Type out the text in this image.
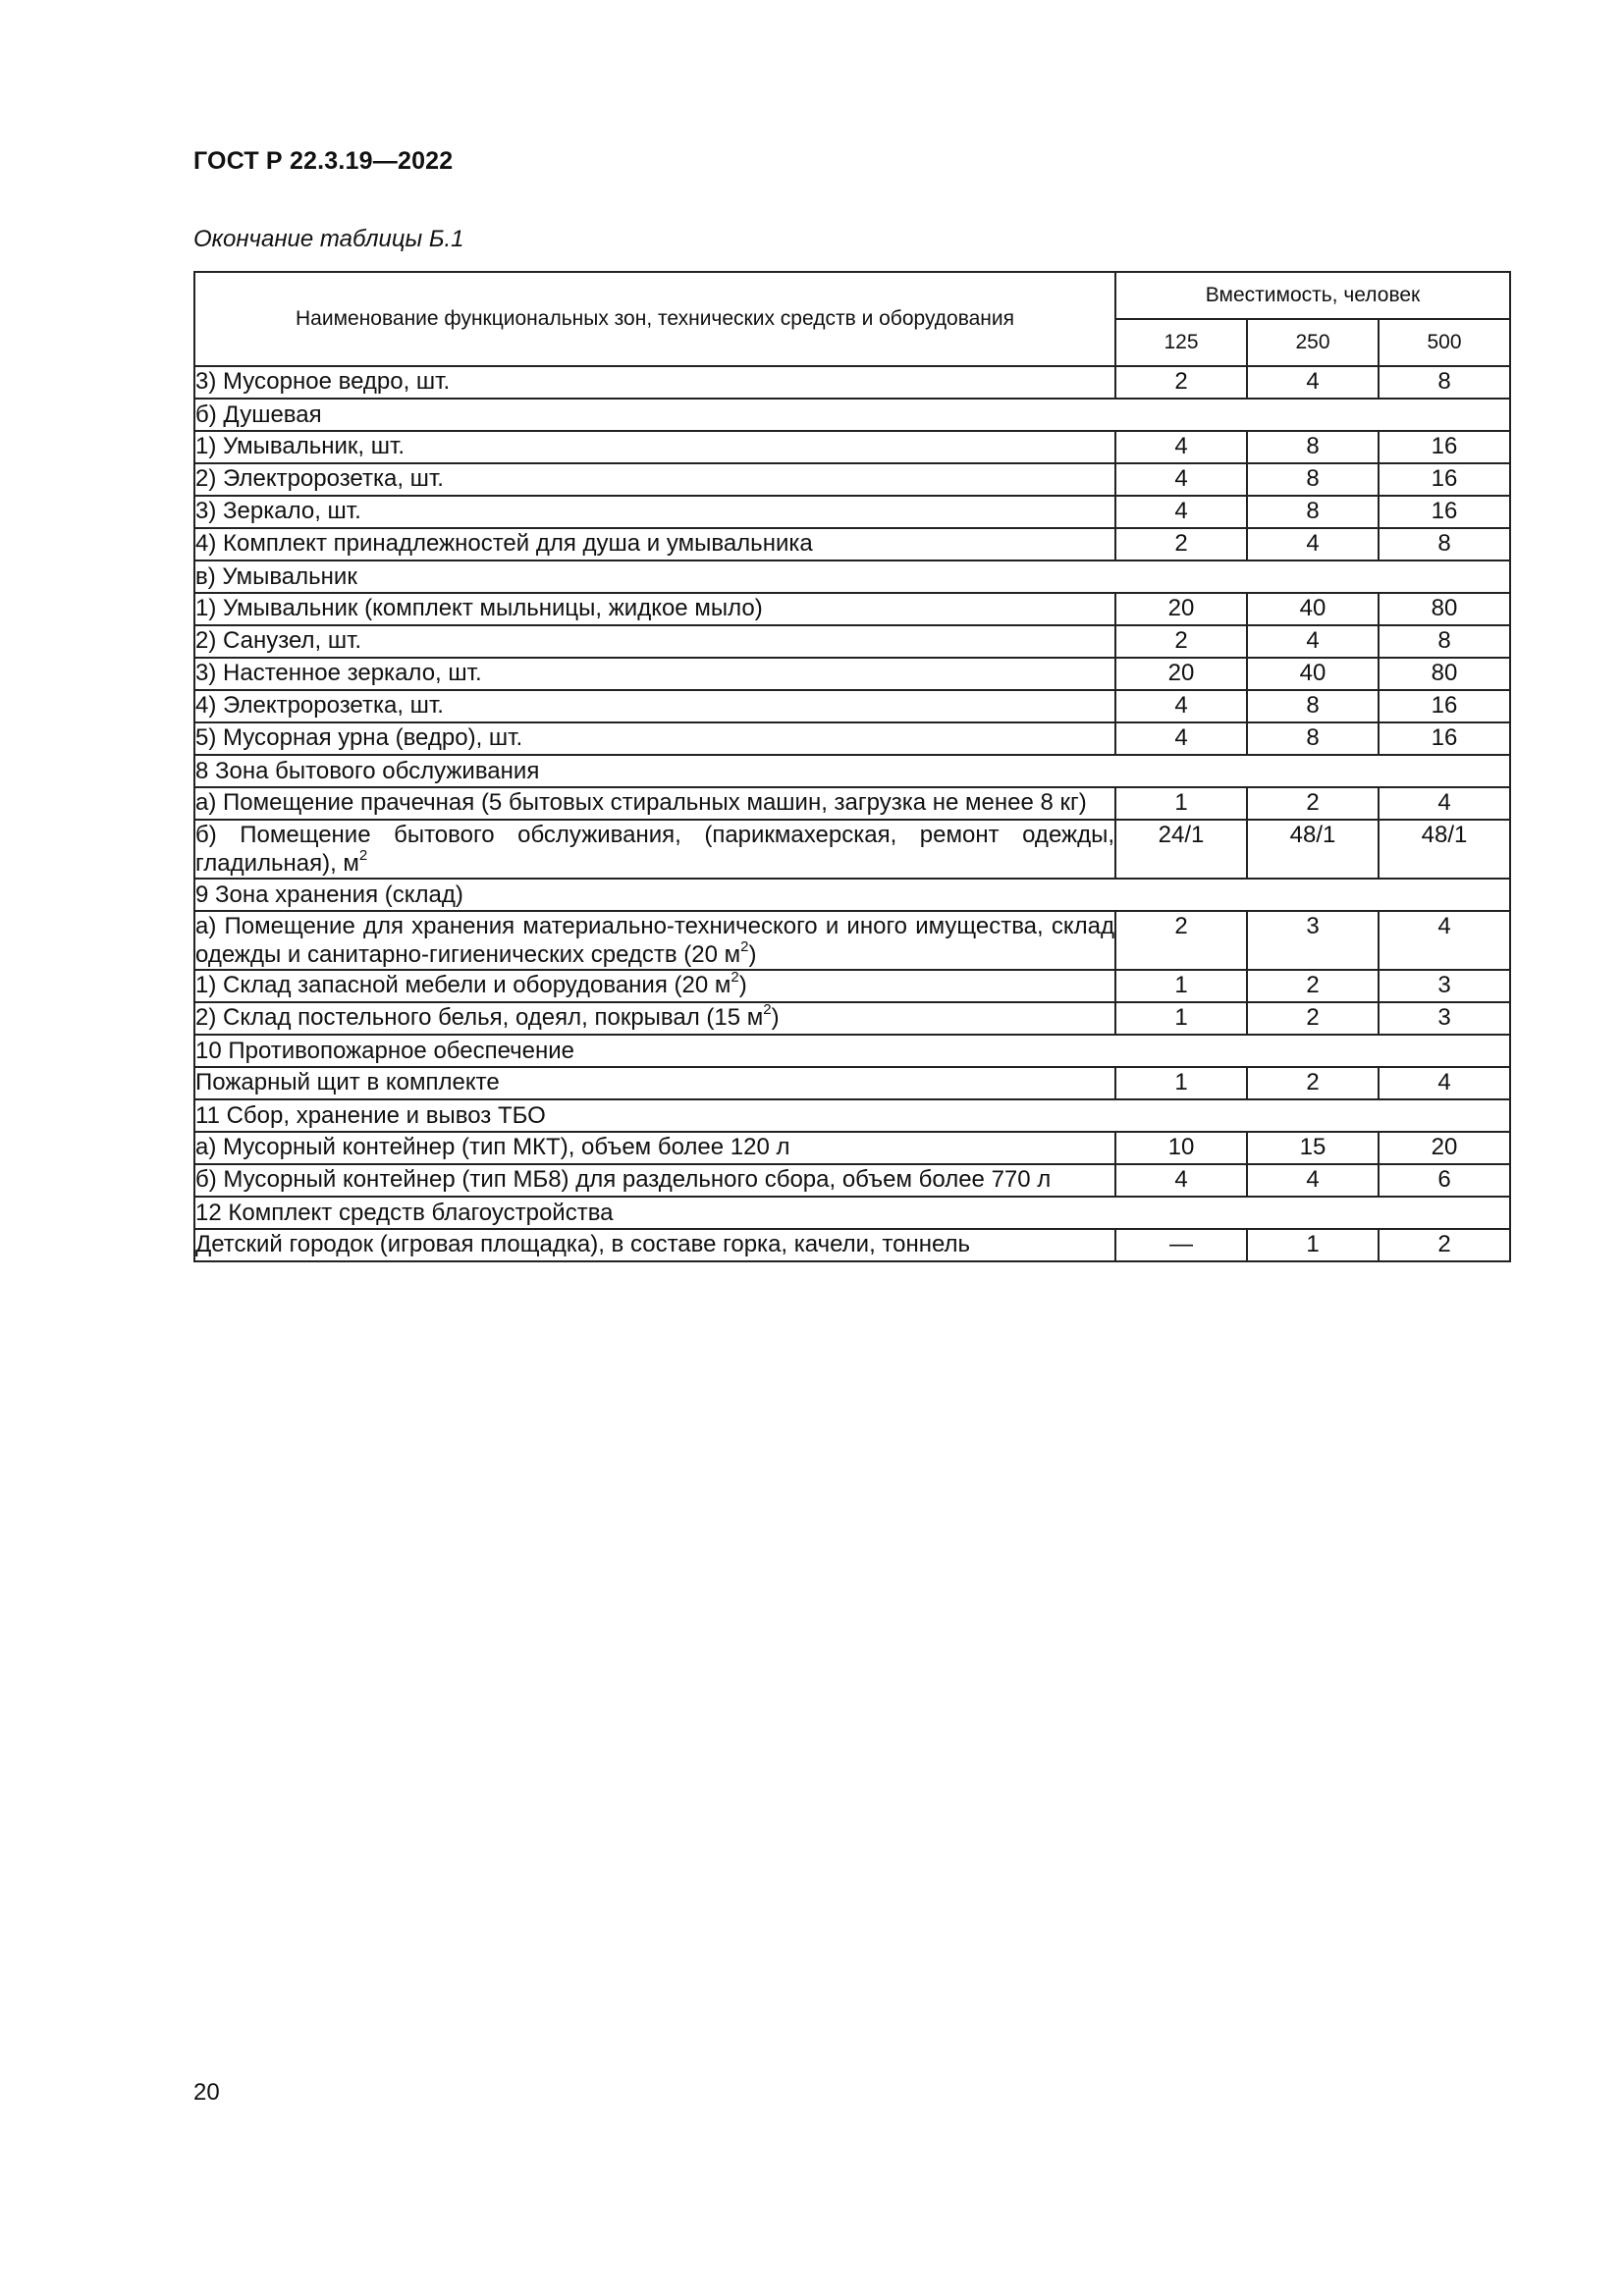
ГОСТ Р 22.3.19—2022
Окончание таблицы Б.1
Наименование функциональных зон, технических средств и оборудования	Вместимость, человек		
	125	250	500
3) Мусорное ведро, шт.	2	4	8
б) Душевая			
1) Умывальник, шт.	4	8	16
2) Электророзетка, шт.	4	8	16
3) Зеркало, шт.	4	8	16
4) Комплект принадлежностей для душа и умывальника	2	4	8
в) Умывальник			
1) Умывальник (комплект мыльницы, жидкое мыло)	20	40	80
2) Санузел, шт.	2	4	8
3) Настенное зеркало, шт.	20	40	80
4) Электророзетка, шт.	4	8	16
5) Мусорная урна (ведро), шт.	4	8	16
8 Зона бытового обслуживания			
а) Помещение прачечная (5 бытовых стиральных машин, загрузка не менее 8 кг)	1	2	4
б) Помещение бытового обслуживания, (парикмахерская, ремонт одежды, гладильная), $м^2$	24/1	48/1	48/1
9 Зона хранения (склад)			
а) Помещение для хранения материально-технического и иного имущества, склад одежды и санитарно-гигиенических средств (20 $м^2$)	2	3	4
1) Склад запасной мебели и оборудования (20 $м^2$)	1	2	3
2) Склад постельного белья, одеял, покрывал (15 $м^2$)	1	2	3
10 Противопожарное обеспечение			
Пожарный щит в комплекте	1	2	4
11 Сбор, хранение и вывоз ТБО			
а) Мусорный контейнер (тип МКТ), объем более 120 л	10	15	20
б) Мусорный контейнер (тип МБ8) для раздельного сбора, объем более 770 л	4	4	6
12 Комплект средств благоустройства			
Детский городок (игровая площадка), в составе горка, качели, тоннель	—	1	2
20
